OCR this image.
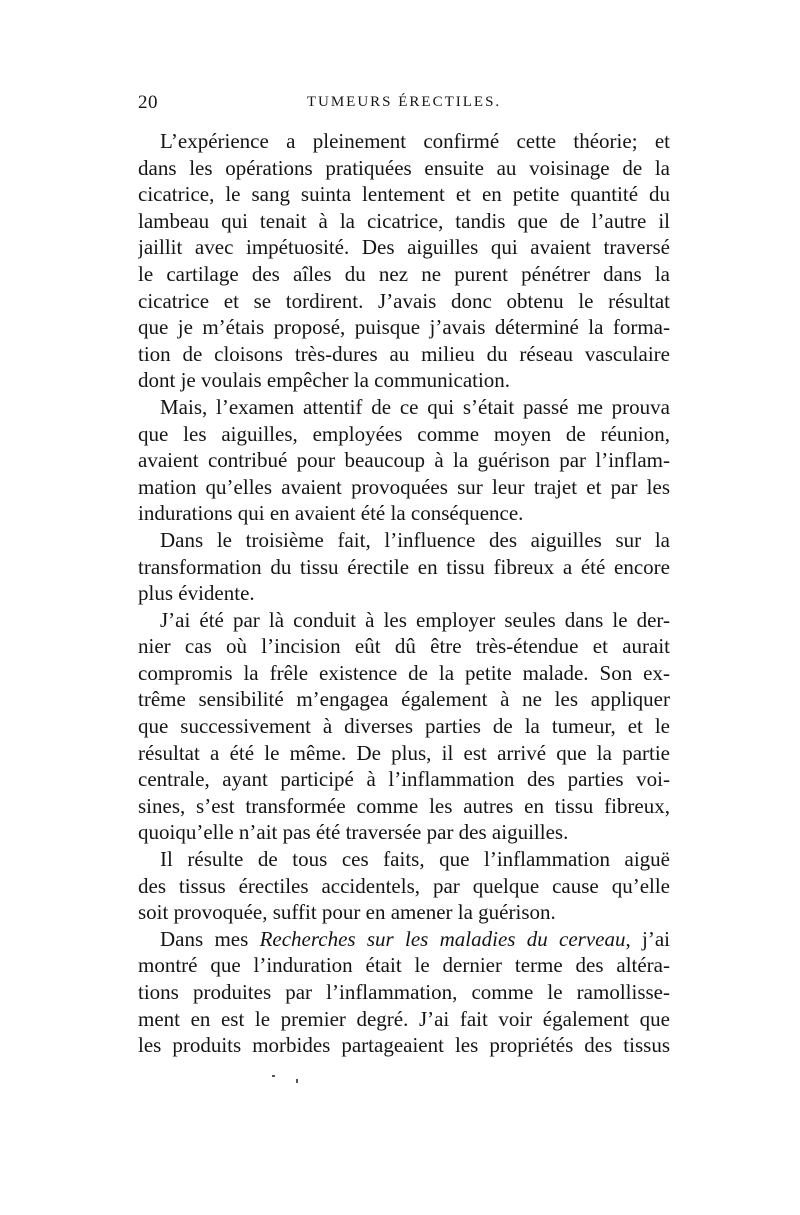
20	TUMEURS ÉRECTILES.
L’expérience a pleinement confirmé cette théorie; et
dans les opérations pratiquées ensuite au voisinage de la
cicatrice, le sang suinta lentement et en petite quantité du
lambeau qui tenait à la cicatrice, tandis que de l’autre il
jaillit avec impétuosité. Des aiguilles qui avaient traversé
le cartilage des aîles du nez ne purent pénétrer dans la
cicatrice et se tordirent. J’avais donc obtenu le résultat
que je m’étais proposé, puisque j’avais déterminé la forma-
tion de cloisons très-dures au milieu du réseau vasculaire
dont je voulais empêcher la communication.
Mais, l’examen attentif de ce qui s’était passé me prouva
que les aiguilles, employées comme moyen de réunion,
avaient contribué pour beaucoup à la guérison par l’inflam-
mation qu’elles avaient provoquées sur leur trajet et par les
indurations qui en avaient été la conséquence.
Dans le troisième fait, l’influence des aiguilles sur la
transformation du tissu érectile en tissu fibreux a été encore
plus évidente.
J’ai été par là conduit à les employer seules dans le der-
nier cas où l’incision eût dû être très-étendue et aurait
compromis la frêle existence de la petite malade. Son ex-
trême sensibilité m’engagea également à ne les appliquer
que successivement à diverses parties de la tumeur, et le
résultat a été le même. De plus, il est arrivé que la partie
centrale, ayant participé à l’inflammation des parties voi-
sines, s’est transformée comme les autres en tissu fibreux,
quoiqu’elle n’ait pas été traversée par des aiguilles.
Il résulte de tous ces faits, que l’inflammation aiguë
des tissus érectiles accidentels, par quelque cause qu’elle
soit provoquée, suffit pour en amener la guérison.
Dans mes Recherches sur les maladies du cerveau, j’ai
montré que l’induration était le dernier terme des altéra-
tions produites par l’inflammation, comme le ramollisse-
ment en est le premier degré. J’ai fait voir également que
les produits morbides partageaient les propriétés des tissus
